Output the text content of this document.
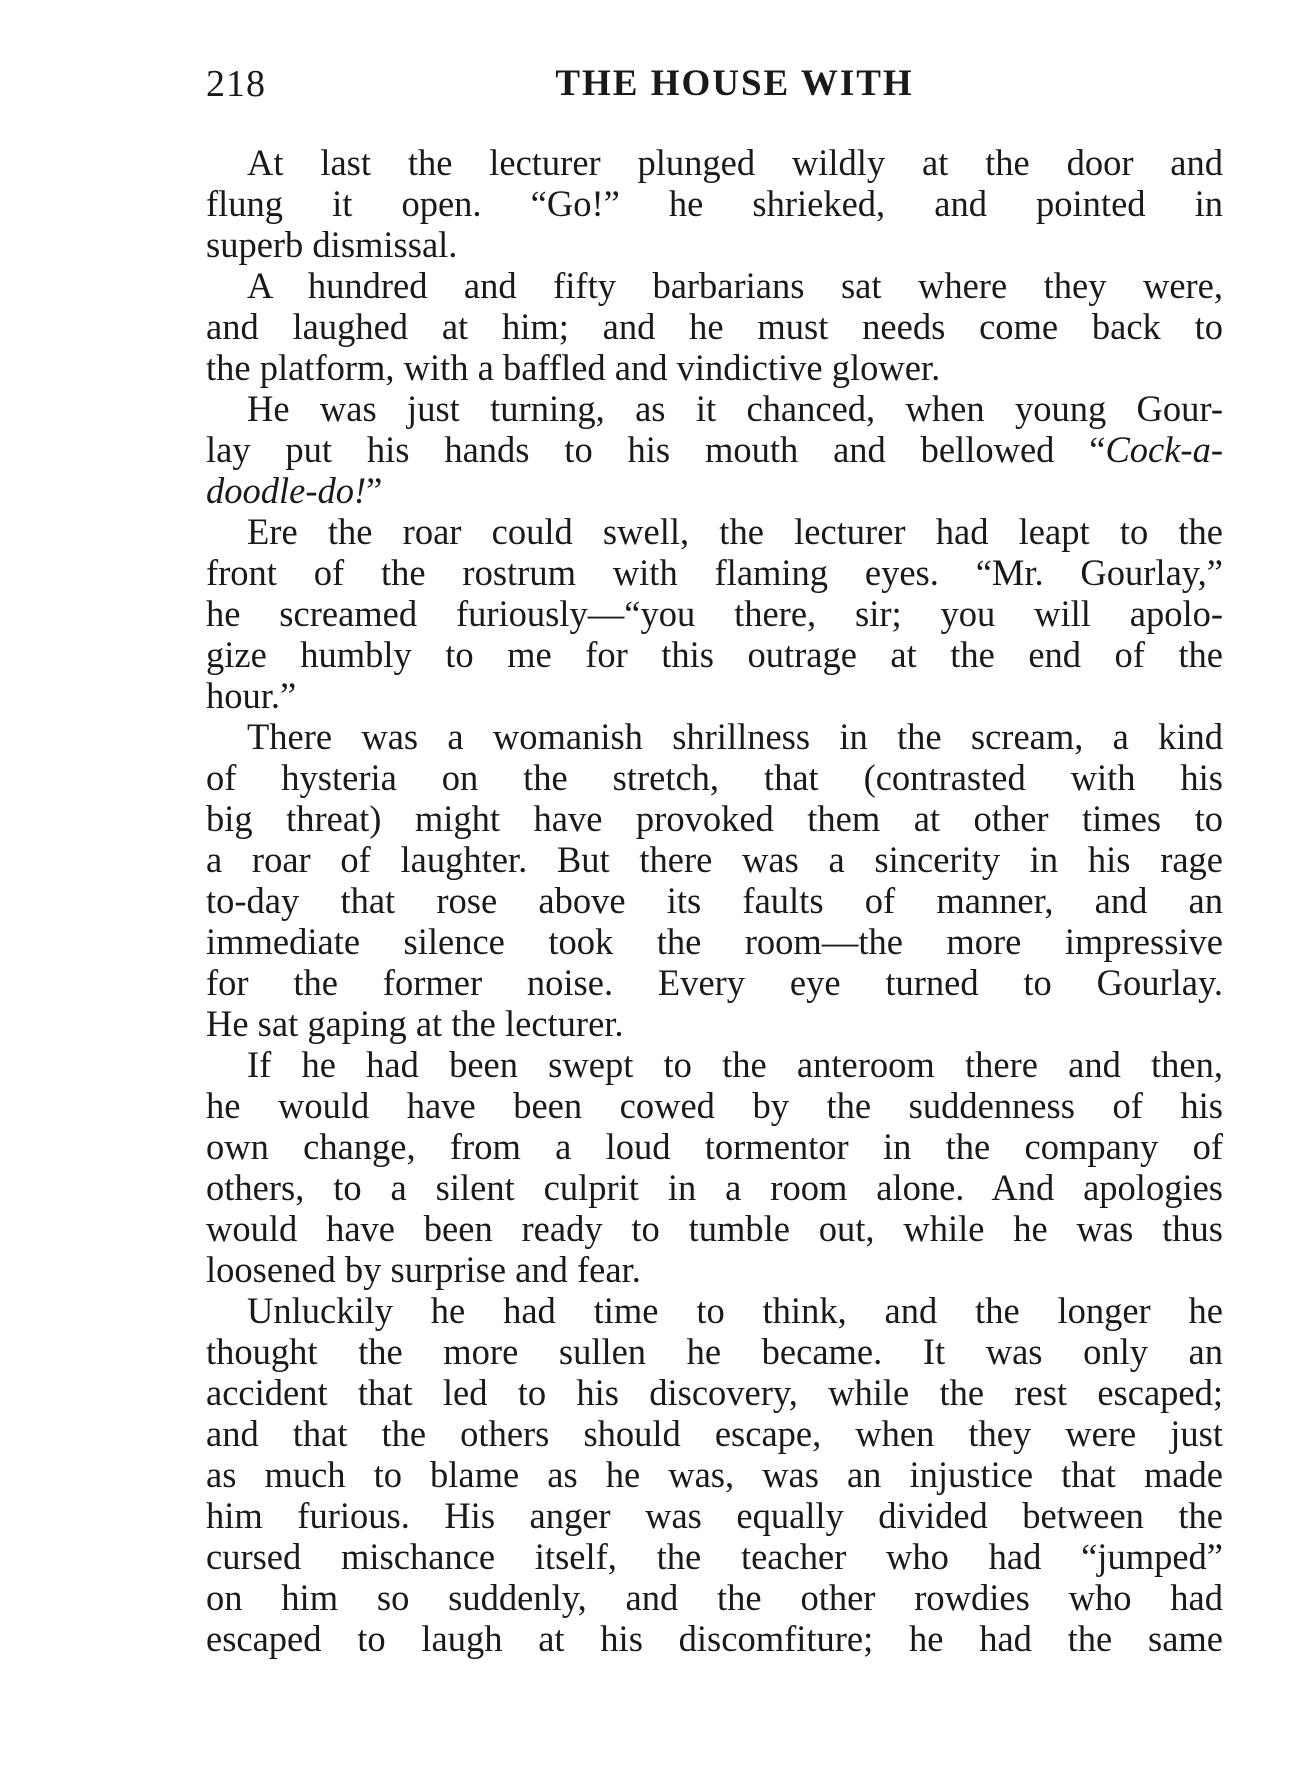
218	THE HOUSE WITH
At last the lecturer plunged wildly at the door and
flung it open. “Go!” he shrieked, and pointed in
superb dismissal.
A hundred and fifty barbarians sat where they were,
and laughed at him; and he must needs come back to
the platform, with a baffled and vindictive glower.
He was just turning, as it chanced, when young Gour-
lay put his hands to his mouth and bellowed “Cock-a-
doodle-do!”
Ere the roar could swell, the lecturer had leapt to the
front of the rostrum with flaming eyes. “Mr. Gourlay,”
he screamed furiously—“you there, sir; you will apolo-
gize humbly to me for this outrage at the end of the
hour.”
There was a womanish shrillness in the scream, a kind
of hysteria on the stretch, that (contrasted with his
big threat) might have provoked them at other times to
a roar of laughter. But there was a sincerity in his rage
to-day that rose above its faults of manner, and an
immediate silence took the room—the more impressive
for the former noise. Every eye turned to Gourlay.
He sat gaping at the lecturer.
If he had been swept to the anteroom there and then,
he would have been cowed by the suddenness of his
own change, from a loud tormentor in the company of
others, to a silent culprit in a room alone. And apologies
would have been ready to tumble out, while he was thus
loosened by surprise and fear.
Unluckily he had time to think, and the longer he
thought the more sullen he became. It was only an
accident that led to his discovery, while the rest escaped;
and that the others should escape, when they were just
as much to blame as he was, was an injustice that made
him furious. His anger was equally divided between the
cursed mischance itself, the teacher who had “jumped”
on him so suddenly, and the other rowdies who had
escaped to laugh at his discomfiture; he had the same
